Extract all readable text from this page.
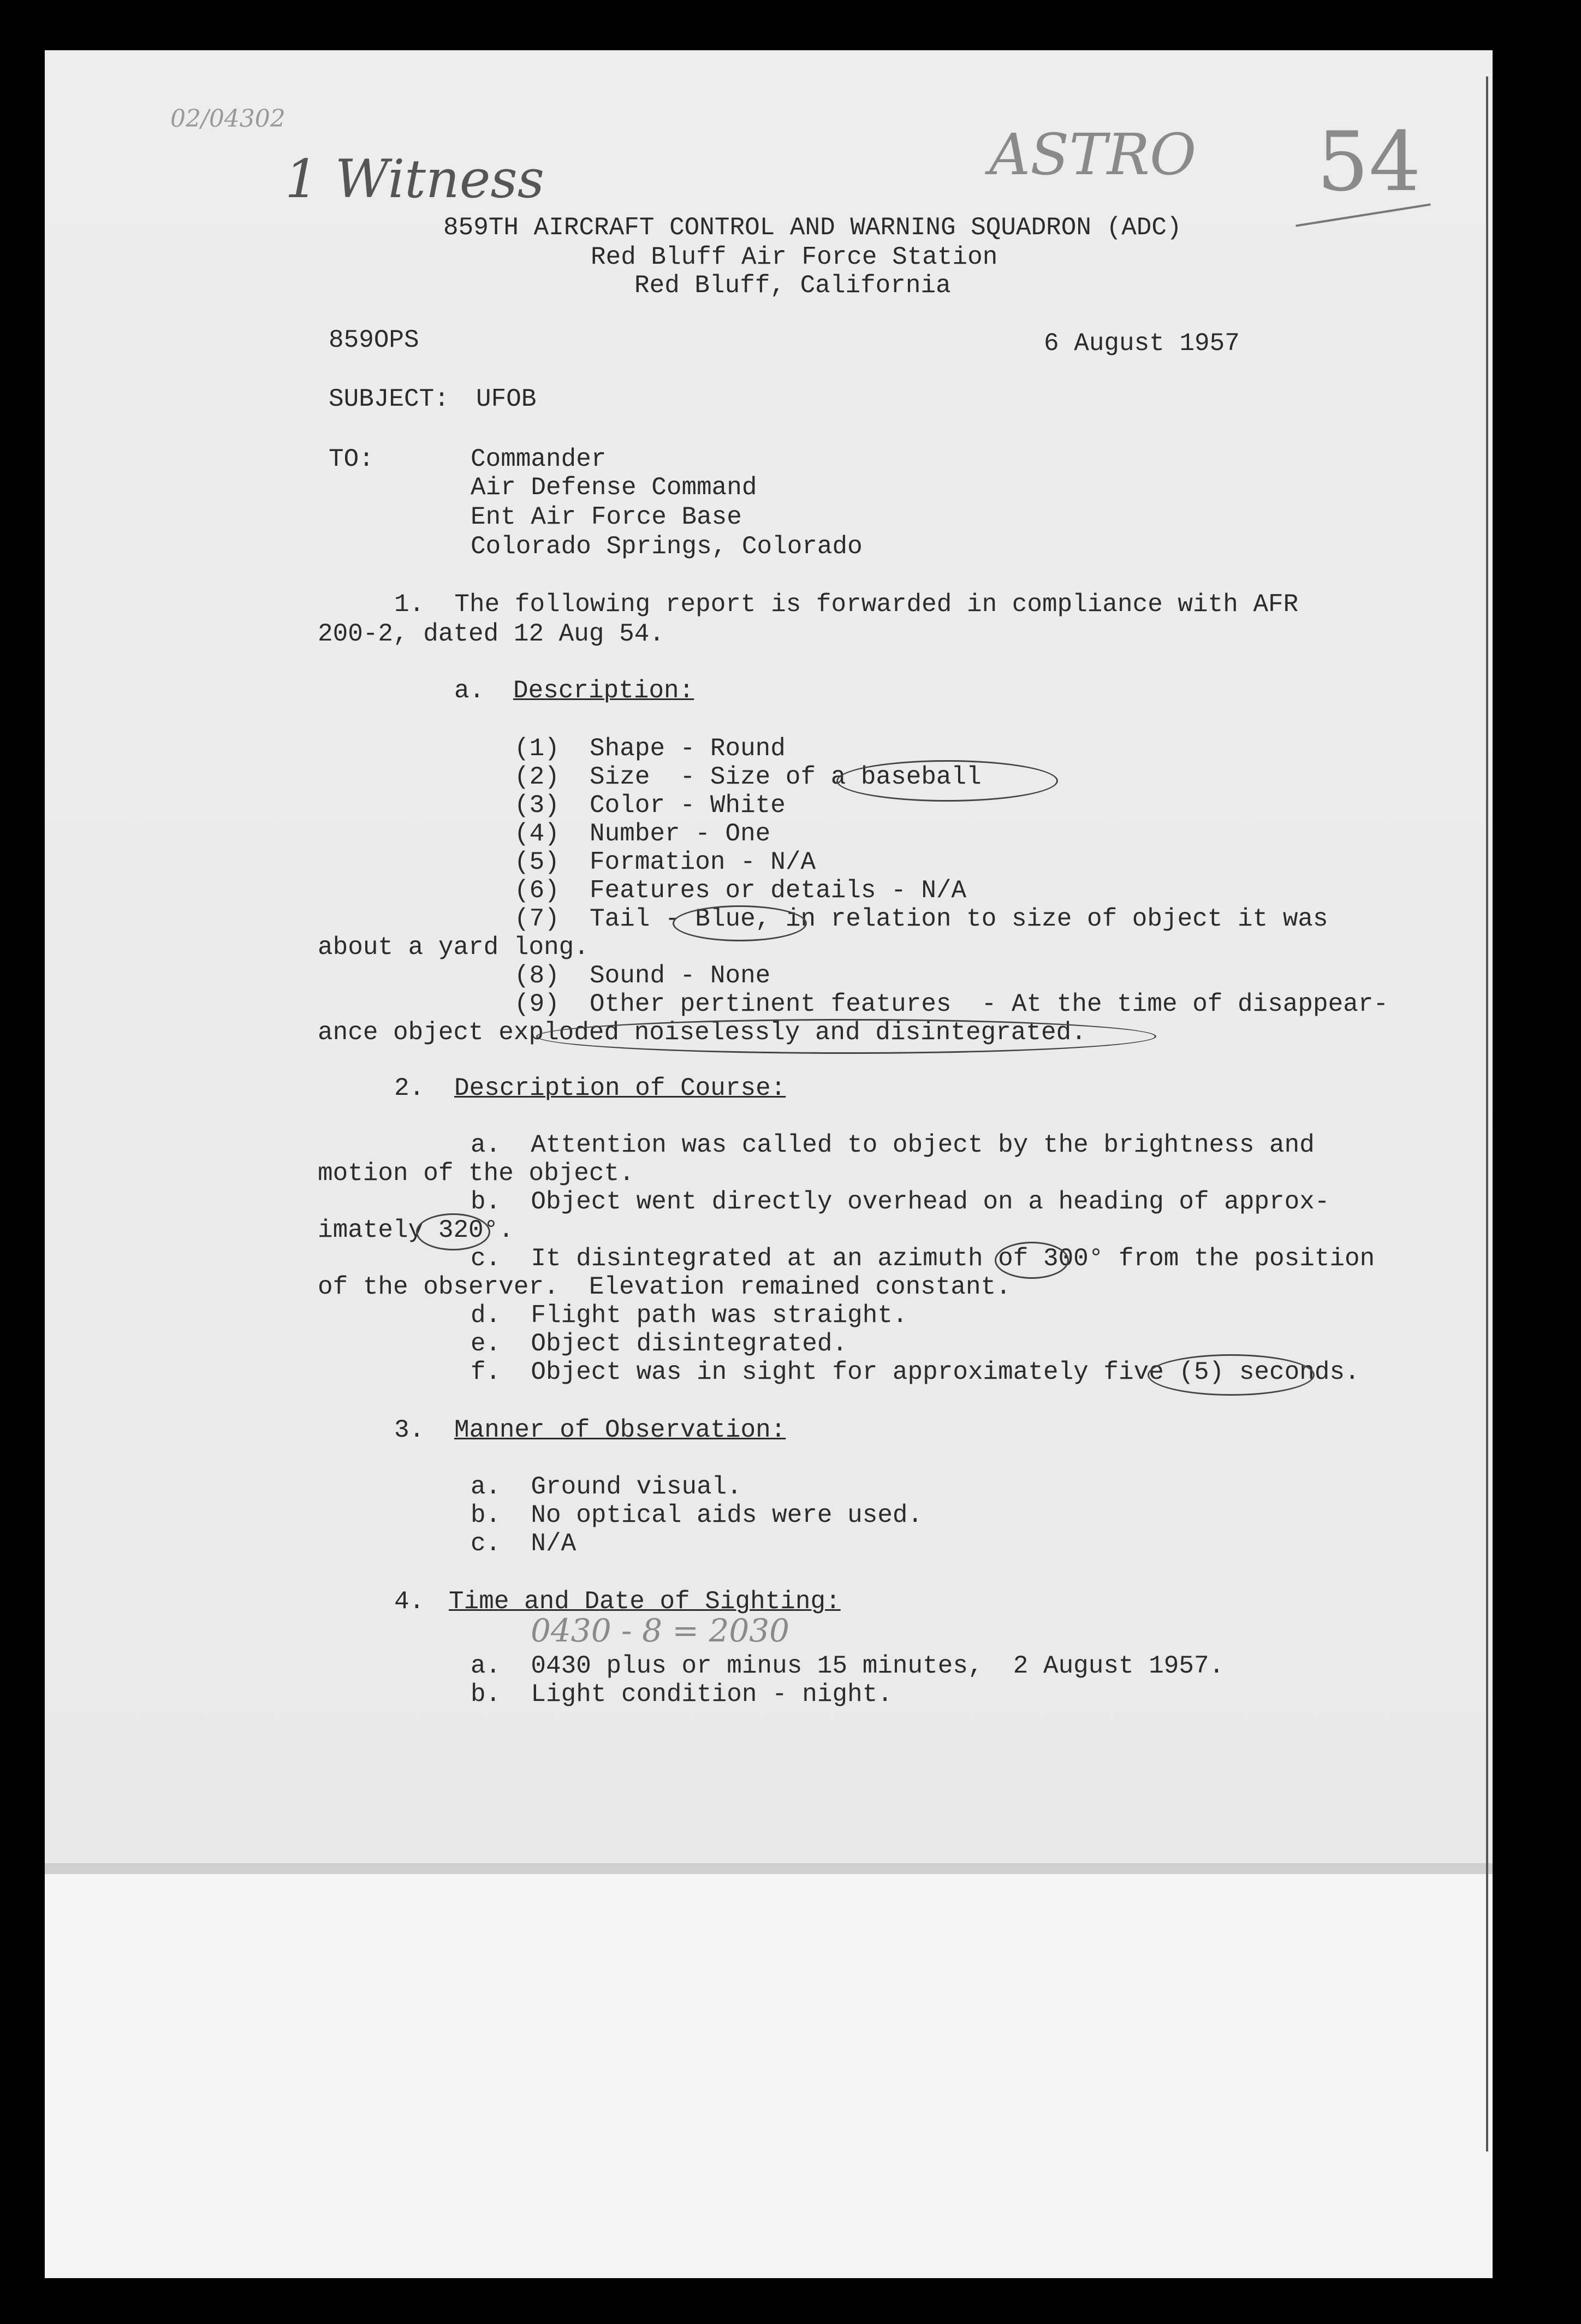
02/04302
1 Witness	ASTRO 54
859TH AIRCRAFT CONTROL AND WARNING SQUADRON (ADC)
Red Bluff Air Force Station
Red Bluff, California
859OPS	6 August 1957
SUBJECT: UFOB
TO:	Commander
Air Defense Command
Ent Air Force Base
Colorado Springs, Colorado
1.  The following report is forwarded in compliance with AFR
200-2, dated 12 Aug 54.
a. Description:
(1)  Shape - Round
(2)  Size  - Size of a baseball
(3)  Color - White
(4)  Number - One
(5)  Formation - N/A
(6)  Features or details - N/A
(7)  Tail - Blue, in relation to size of object it was
about a yard long.
(8)  Sound - None
(9)  Other pertinent features  - At the time of disappear-
ance object exploded noiselessly and disintegrated.
2. Description of Course:
a.  Attention was called to object by the brightness and
motion of the object.
b.  Object went directly overhead on a heading of approx-
imately 320°.
c.  It disintegrated at an azimuth of 300° from the position
of the observer.  Elevation remained constant.
d.  Flight path was straight.
e.  Object disintegrated.
f.  Object was in sight for approximately five (5) seconds.
3. Manner of Observation:
a.  Ground visual.
b.  No optical aids were used.
c.  N/A
4. Time and Date of Sighting:
0430 - 8 = 2030
a.  0430 plus or minus 15 minutes,  2 August 1957.
b.  Light condition - night.
